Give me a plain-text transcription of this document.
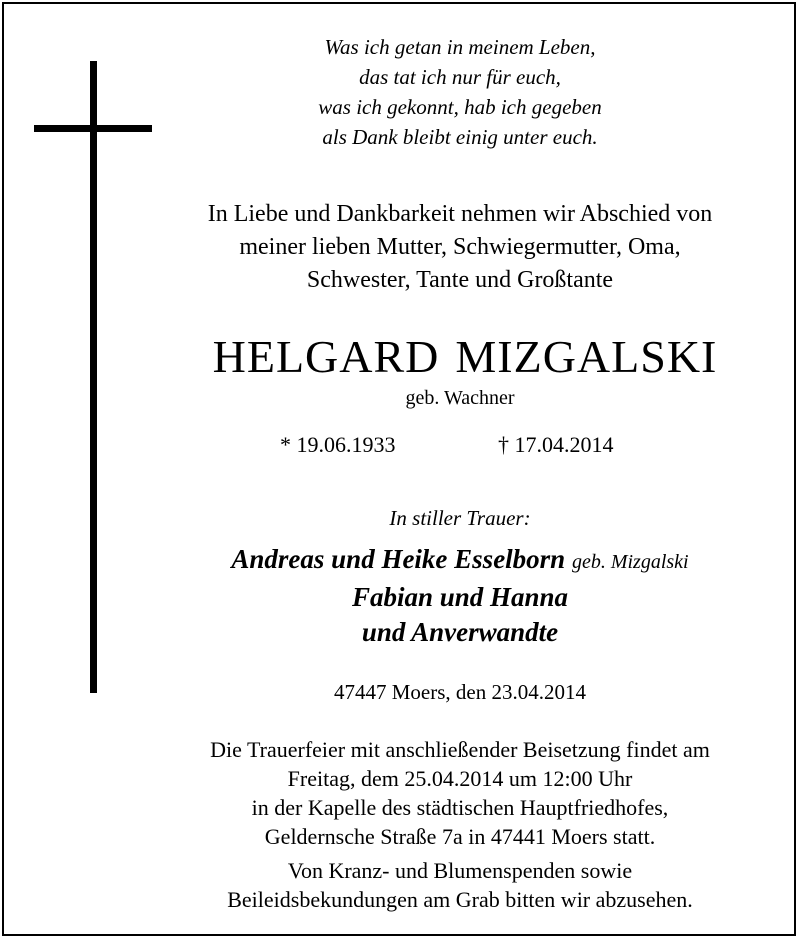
Was ich getan in meinem Leben,
das tat ich nur für euch,
was ich gekonnt, hab ich gegeben
als Dank bleibt einig unter euch.
In Liebe und Dankbarkeit nehmen wir Abschied von
meiner lieben Mutter, Schwiegermutter, Oma,
Schwester, Tante und Großtante
HELGARD MIZGALSKI
geb. Wachner
* 19.06.1933	† 17.04.2014
In stiller Trauer:
Andreas und Heike Esselborn geb. Mizgalski
Fabian und Hanna
und Anverwandte
47447 Moers, den 23.04.2014
Die Trauerfeier mit anschließender Beisetzung findet am
Freitag, dem 25.04.2014 um 12:00 Uhr
in der Kapelle des städtischen Hauptfriedhofes,
Geldernsche Straße 7a in 47441 Moers statt.
Von Kranz- und Blumenspenden sowie
Beileidsbekundungen am Grab bitten wir abzusehen.
